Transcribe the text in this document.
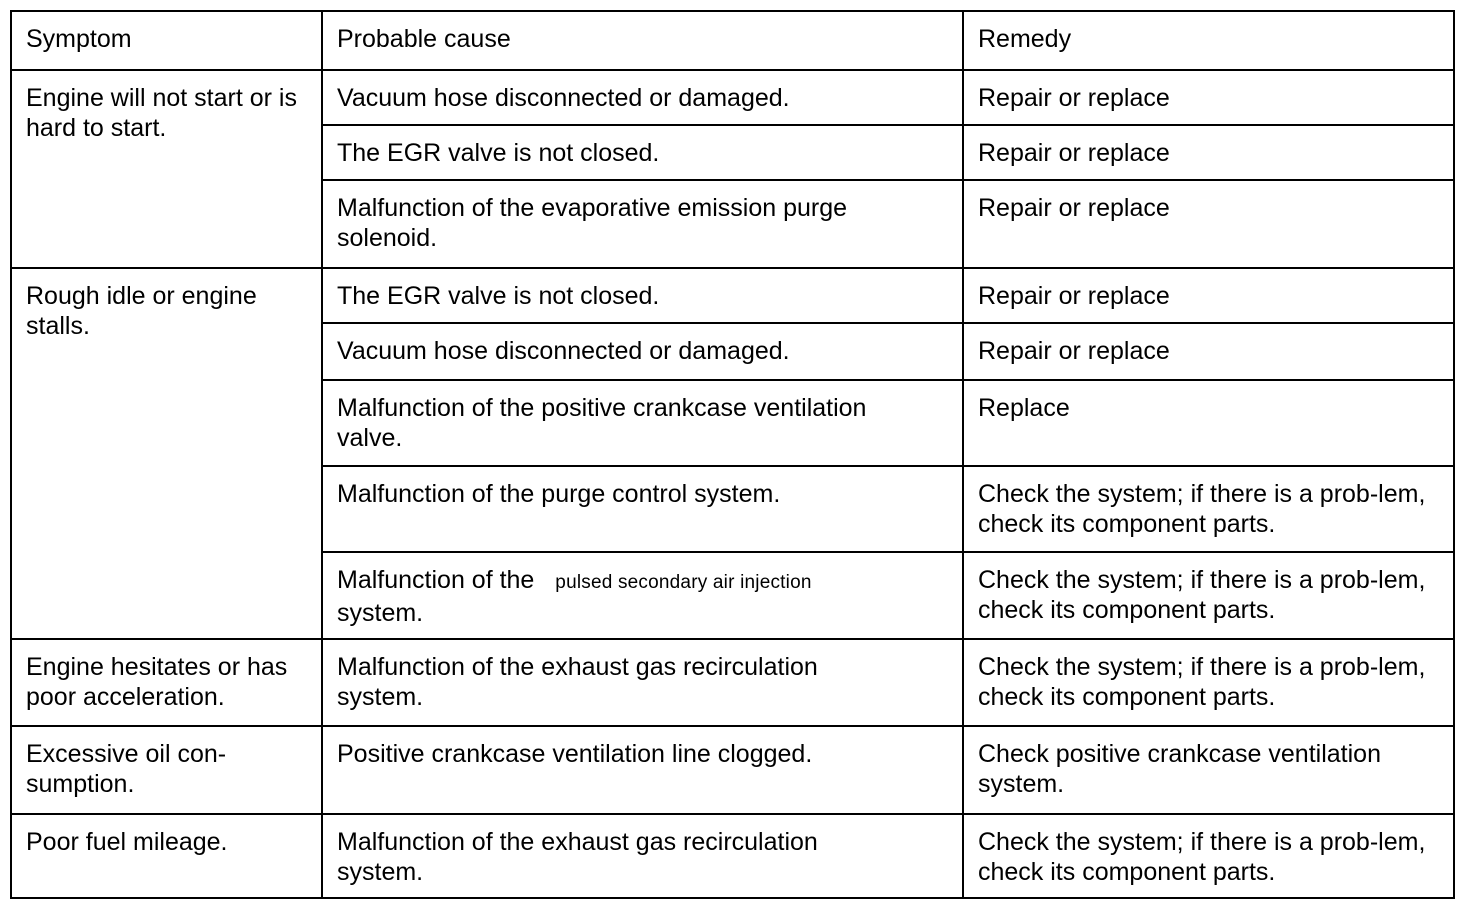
Symptom	Probable cause	Remedy
Engine will not start or is hard to start.
Rough idle or engine stalls.
Engine hesitates or has poor acceleration.
Excessive oil con-sumption.
Poor fuel mileage.
Vacuum hose disconnected or damaged.
The EGR valve is not closed.
Malfunction of the evaporative emission purge solenoid.
The EGR valve is not closed.
Vacuum hose disconnected or damaged.
Malfunction of the positive crankcase ventilation valve.
Malfunction of the purge control system.
Malfunction of the pulsed secondary air injection
system.
Malfunction of the exhaust gas recirculation system.
Positive crankcase ventilation line clogged.
Malfunction of the exhaust gas recirculation system.
Repair or replace
Repair or replace
Repair or replace
Repair or replace
Repair or replace
Replace
Check the system; if there is a prob-lem, check its component parts.
Check the system; if there is a prob-lem, check its component parts.
Check the system; if there is a prob-lem, check its component parts.
Check positive crankcase ventilation system.
Check the system; if there is a prob-lem, check its component parts.
